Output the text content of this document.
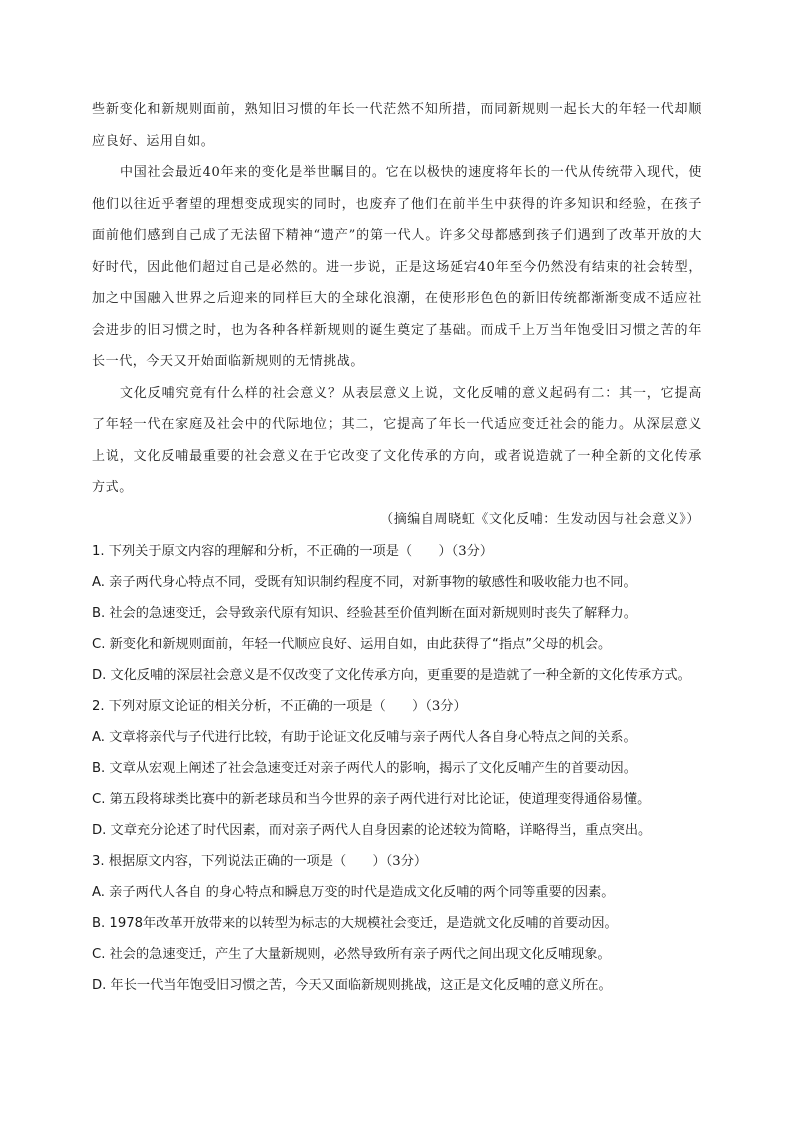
些新变化和新规则面前，熟知旧习惯的年长一代茫然不知所措，而同新规则一起长大的年轻一代却顺应良好、运用自如。

中国社会最近40年来的变化是举世瞩目的。它在以极快的速度将年长的一代从传统带入现代，使他们以往近乎奢望的理想变成现实的同时，也废弃了他们在前半生中获得的许多知识和经验，在孩子面前他们感到自己成了无法留下精神“遗产”的第一代人。许多父母都感到孩子们遇到了改革开放的大好时代，因此他们超过自己是必然的。进一步说，正是这场延宕40年至今仍然没有结束的社会转型，加之中国融入世界之后迎来的同样巨大的全球化浪潮，在使形形色色的新旧传统都渐渐变成不适应社会进步的旧习惯之时，也为各种各样新规则的诞生奠定了基础。而成千上万当年饱受旧习惯之苦的年长一代，今天又开始面临新规则的无情挑战。

文化反哺究竟有什么样的社会意义？从表层意义上说，文化反哺的意义起码有二：其一，它提高了年轻一代在家庭及社会中的代际地位；其二，它提高了年长一代适应变迁社会的能力。从深层意义上说，文化反哺最重要的社会意义在于它改变了文化传承的方向，或者说造就了一种全新的文化传承方式。

（摘编自周晓虹《文化反哺：生发动因与社会意义》）

1. 下列关于原文内容的理解和分析，不正确的一项是（　　）（3分）

A. 亲子两代身心特点不同，受既有知识制约程度不同，对新事物的敏感性和吸收能力也不同。

B. 社会的急速变迁，会导致亲代原有知识、经验甚至价值判断在面对新规则时丧失了解释力。

C. 新变化和新规则面前，年轻一代顺应良好、运用自如，由此获得了“指点”父母的机会。

D. 文化反哺的深层社会意义是不仅改变了文化传承方向，更重要的是造就了一种全新的文化传承方式。

2. 下列对原文论证的相关分析，不正确的一项是（　　）（3分）

A. 文章将亲代与子代进行比较，有助于论证文化反哺与亲子两代人各自身心特点之间的关系。

B. 文章从宏观上阐述了社会急速变迁对亲子两代人的影响，揭示了文化反哺产生的首要动因。

C. 第五段将球类比赛中的新老球员和当今世界的亲子两代进行对比论证，使道理变得通俗易懂。

D. 文章充分论述了时代因素，而对亲子两代人自身因素的论述较为简略，详略得当，重点突出。

3. 根据原文内容，下列说法正确的一项是（　　）（3分）

A. 亲子两代人各自 的身心特点和瞬息万变的时代是造成文化反哺的两个同等重要的因素。

B. 1978年改革开放带来的以转型为标志的大规模社会变迁，是造就文化反哺的首要动因。

C. 社会的急速变迁，产生了大量新规则，必然导致所有亲子两代之间出现文化反哺现象。

D. 年长一代当年饱受旧习惯之苦，今天又面临新规则挑战，这正是文化反哺的意义所在。
